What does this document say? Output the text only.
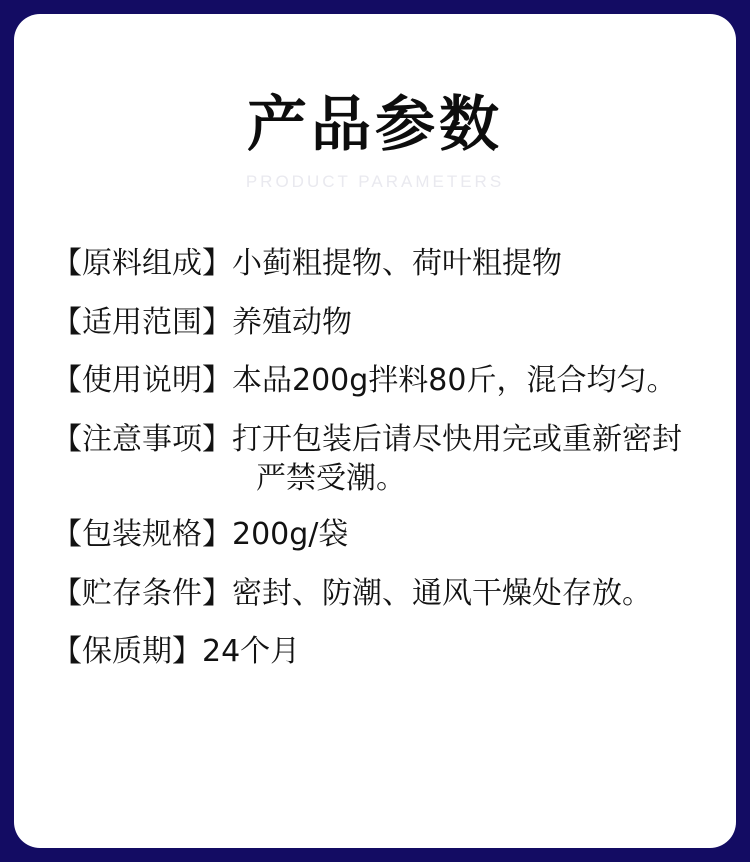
产品参数
PRODUCT PARAMETERS
【原料组成】 小蓟粗提物、荷叶粗提物
【适用范围】 养殖动物
【使用说明】 本品200g拌料80斤，混合均匀。
【注意事项】 打开包装后请尽快用完或重新密封
严禁受潮。
【包装规格】 200g/袋
【贮存条件】 密封、防潮、通风干燥处存放。
【保质期】 24个月
